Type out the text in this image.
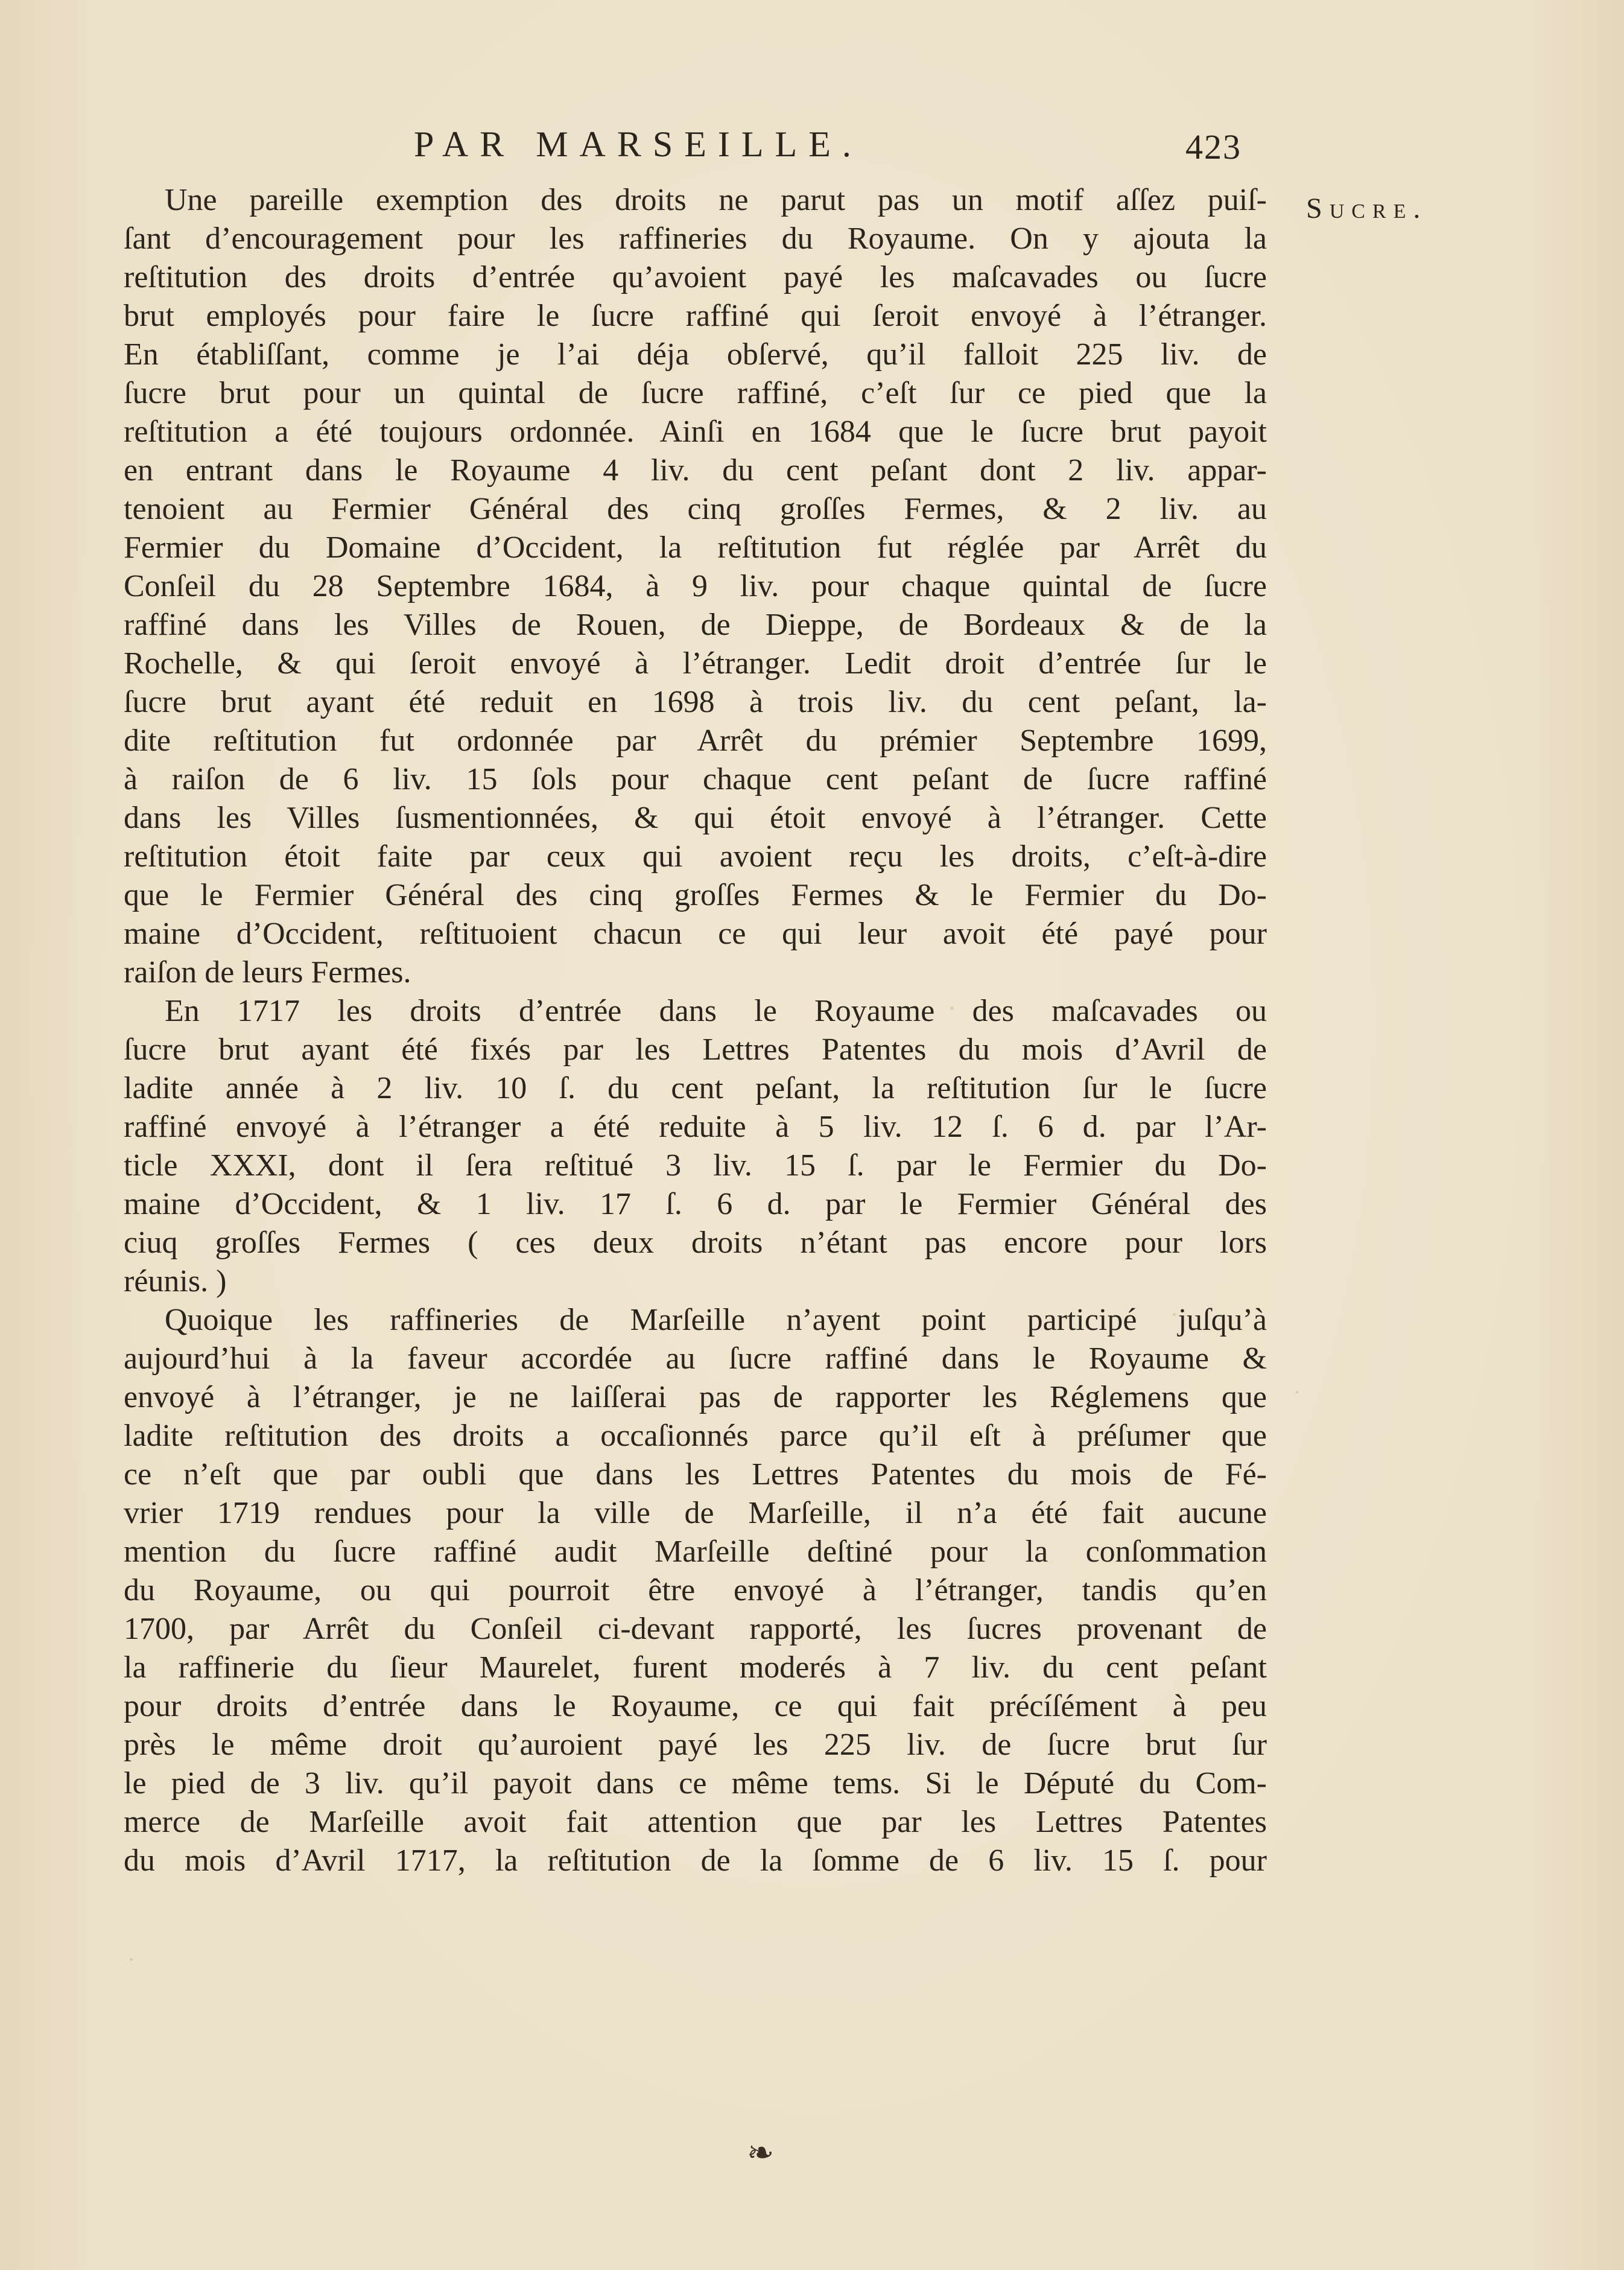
PAR MARSEILLE.	423
Sucre.
Une pareille exemption des droits ne parut pas un motif aſſez puiſ-
ſant d’encouragement pour les raffineries du Royaume. On y ajouta la
reſtitution des droits d’entrée qu’avoient payé les maſcavades ou ſucre
brut employés pour faire le ſucre raffiné qui ſeroit envoyé à l’étranger.
En établiſſant, comme je l’ai déja obſervé, qu’il falloit 225 liv. de
ſucre brut pour un quintal de ſucre raffiné, c’eſt ſur ce pied que la
reſtitution a été toujours ordonnée. Ainſi en 1684 que le ſucre brut payoit
en entrant dans le Royaume 4 liv. du cent peſant dont 2 liv. appar-
tenoient au Fermier Général des cinq groſſes Fermes, & 2 liv. au
Fermier du Domaine d’Occident, la reſtitution fut réglée par Arrêt du
Conſeil du 28 Septembre 1684, à 9 liv. pour chaque quintal de ſucre
raffiné dans les Villes de Rouen, de Dieppe, de Bordeaux & de la
Rochelle, & qui ſeroit envoyé à l’étranger. Ledit droit d’entrée ſur le
ſucre brut ayant été reduit en 1698 à trois liv. du cent peſant, la-
dite reſtitution fut ordonnée par Arrêt du prémier Septembre 1699,
à raiſon de 6 liv. 15 ſols pour chaque cent peſant de ſucre raffiné
dans les Villes ſusmentionnées, & qui étoit envoyé à l’étranger. Cette
reſtitution étoit faite par ceux qui avoient reçu les droits, c’eſt-à-dire
que le Fermier Général des cinq groſſes Fermes & le Fermier du Do-
maine d’Occident, reſtituoient chacun ce qui leur avoit été payé pour
raiſon de leurs Fermes.
En 1717 les droits d’entrée dans le Royaume des maſcavades ou
ſucre brut ayant été fixés par les Lettres Patentes du mois d’Avril de
ladite année à 2 liv. 10 ſ. du cent peſant, la reſtitution ſur le ſucre
raffiné envoyé à l’étranger a été reduite à 5 liv. 12 ſ. 6 d. par l’Ar-
ticle XXXI, dont il ſera reſtitué 3 liv. 15 ſ. par le Fermier du Do-
maine d’Occident, & 1 liv. 17 ſ. 6 d. par le Fermier Général des
ciuq groſſes Fermes ( ces deux droits n’étant pas encore pour lors
réunis. )
Quoique les raffineries de Marſeille n’ayent point participé juſqu’à
aujourd’hui à la faveur accordée au ſucre raffiné dans le Royaume &
envoyé à l’étranger, je ne laiſſerai pas de rapporter les Réglemens que
ladite reſtitution des droits a occaſionnés parce qu’il eſt à préſumer que
ce n’eſt que par oubli que dans les Lettres Patentes du mois de Fé-
vrier 1719 rendues pour la ville de Marſeille, il n’a été fait aucune
mention du ſucre raffiné audit Marſeille deſtiné pour la conſommation
du Royaume, ou qui pourroit être envoyé à l’étranger, tandis qu’en
1700, par Arrêt du Conſeil ci-devant rapporté, les ſucres provenant de
la raffinerie du ſieur Maurelet, furent moderés à 7 liv. du cent peſant
pour droits d’entrée dans le Royaume, ce qui fait précíſément à peu
près le même droit qu’auroient payé les 225 liv. de ſucre brut ſur
le pied de 3 liv. qu’il payoit dans ce même tems. Si le Député du Com-
merce de Marſeille avoit fait attention que par les Lettres Patentes
du mois d’Avril 1717, la reſtitution de la ſomme de 6 liv. 15 ſ. pour
❧
